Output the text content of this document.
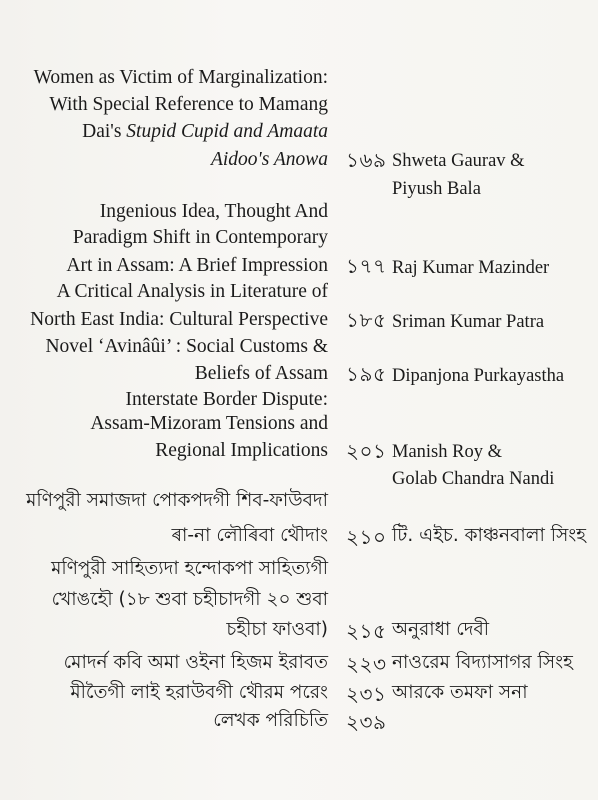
Women as Victim of Marginalization:
With Special Reference to Mamang
Dai's Stupid Cupid and Amaata
Aidoo's Anowa ১৬৯ Shweta Gaurav &
Piyush Bala
Ingenious Idea, Thought And
Paradigm Shift in Contemporary
Art in Assam: A Brief Impression ১৭৭ Raj Kumar Mazinder
A Critical Analysis in Literature of
North East India: Cultural Perspective ১৮৫ Sriman Kumar Patra
Novel ‘Avinâûi’ : Social Customs &
Beliefs of Assam ১৯৫ Dipanjona Purkayastha
Interstate Border Dispute:
Assam-Mizoram Tensions and
Regional Implications ২০১ Manish Roy &
Golab Chandra Nandi
মণিপুরী সমাজদা পোকপদগী শিব-ফাউবদা
ৰা-না লৌৰিবা থৌদাং ২১০ টি. এইচ. কাঞ্চনবালা সিংহ
মণিপুরী সাহিত্যদা হন্দোকপা সাহিত্যগী
খোঙহৌ (১৮ শুবা চহীচাদগী ২০ শুবা
চহীচা ফাওবা) ২১৫ অনুরাধা দেবী
মোদর্ন কবি অমা ওইনা হিজম ইরাবত ২২৩ নাওরেম বিদ্যাসাগর সিংহ
মীতৈগী লাই হরাউবগী থৌরম পরেং ২৩১ আরকে তমফা সনা
লেখক পরিচিতি ২৩৯
